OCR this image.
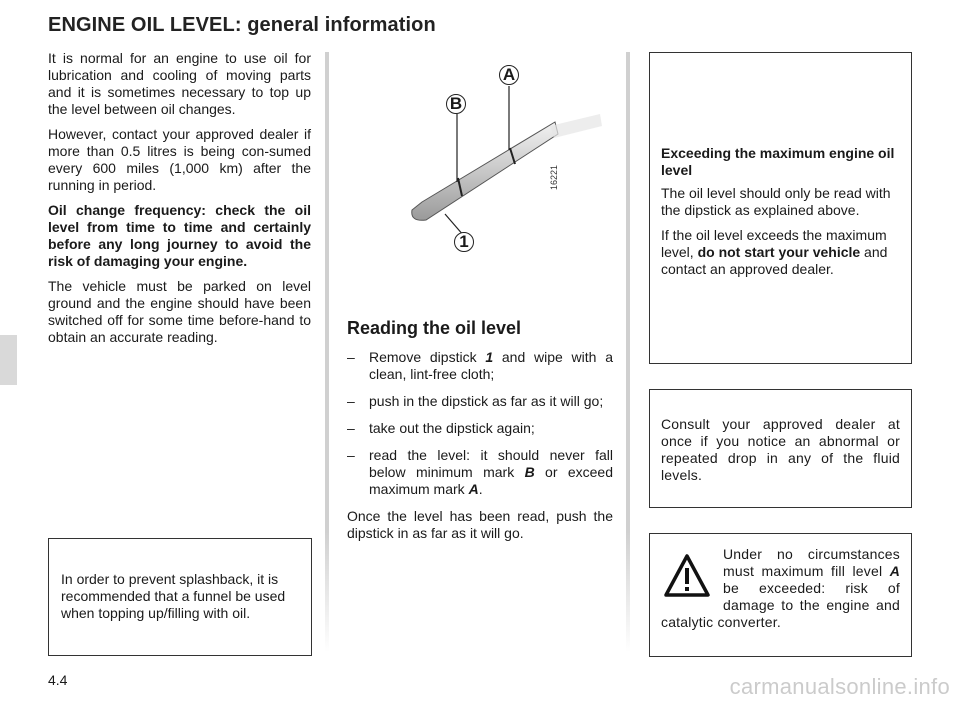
ENGINE OIL LEVEL: general information

It is normal for an engine to use oil for lubrication and cooling of moving parts and it is sometimes necessary to top up the level between oil changes.

However, contact your approved dealer if more than 0.5 litres is being con-sumed every 600 miles (1,000 km) after the running in period.

Oil change frequency: check the oil level from time to time and certainly before any long journey to avoid the risk of damaging your engine.

The vehicle must be parked on level ground and the engine should have been switched off for some time before-hand to obtain an accurate reading.

In order to prevent splashback, it is recommended that a funnel be used when topping up/filling with oil.

A
B
1
16221
Reading the oil level
– Remove dipstick 1 and wipe with a clean, lint-free cloth;
– push in the dipstick as far as it will go;
– take out the dipstick again;
– read the level: it should never fall below minimum mark B or exceed maximum mark A.

Once the level has been read, push the dipstick in as far as it will go.

Exceeding the maximum engine oil level

The oil level should only be read with the dipstick as explained above.

If the oil level exceeds the maximum level, do not start your vehicle and contact an approved dealer.

Consult your approved dealer at once if you notice an abnormal or repeated drop in any of the fluid levels.

Under no circumstances must maximum fill level A be exceeded: risk of damage to the engine and catalytic converter.

4.4	carmanualsonline.info
